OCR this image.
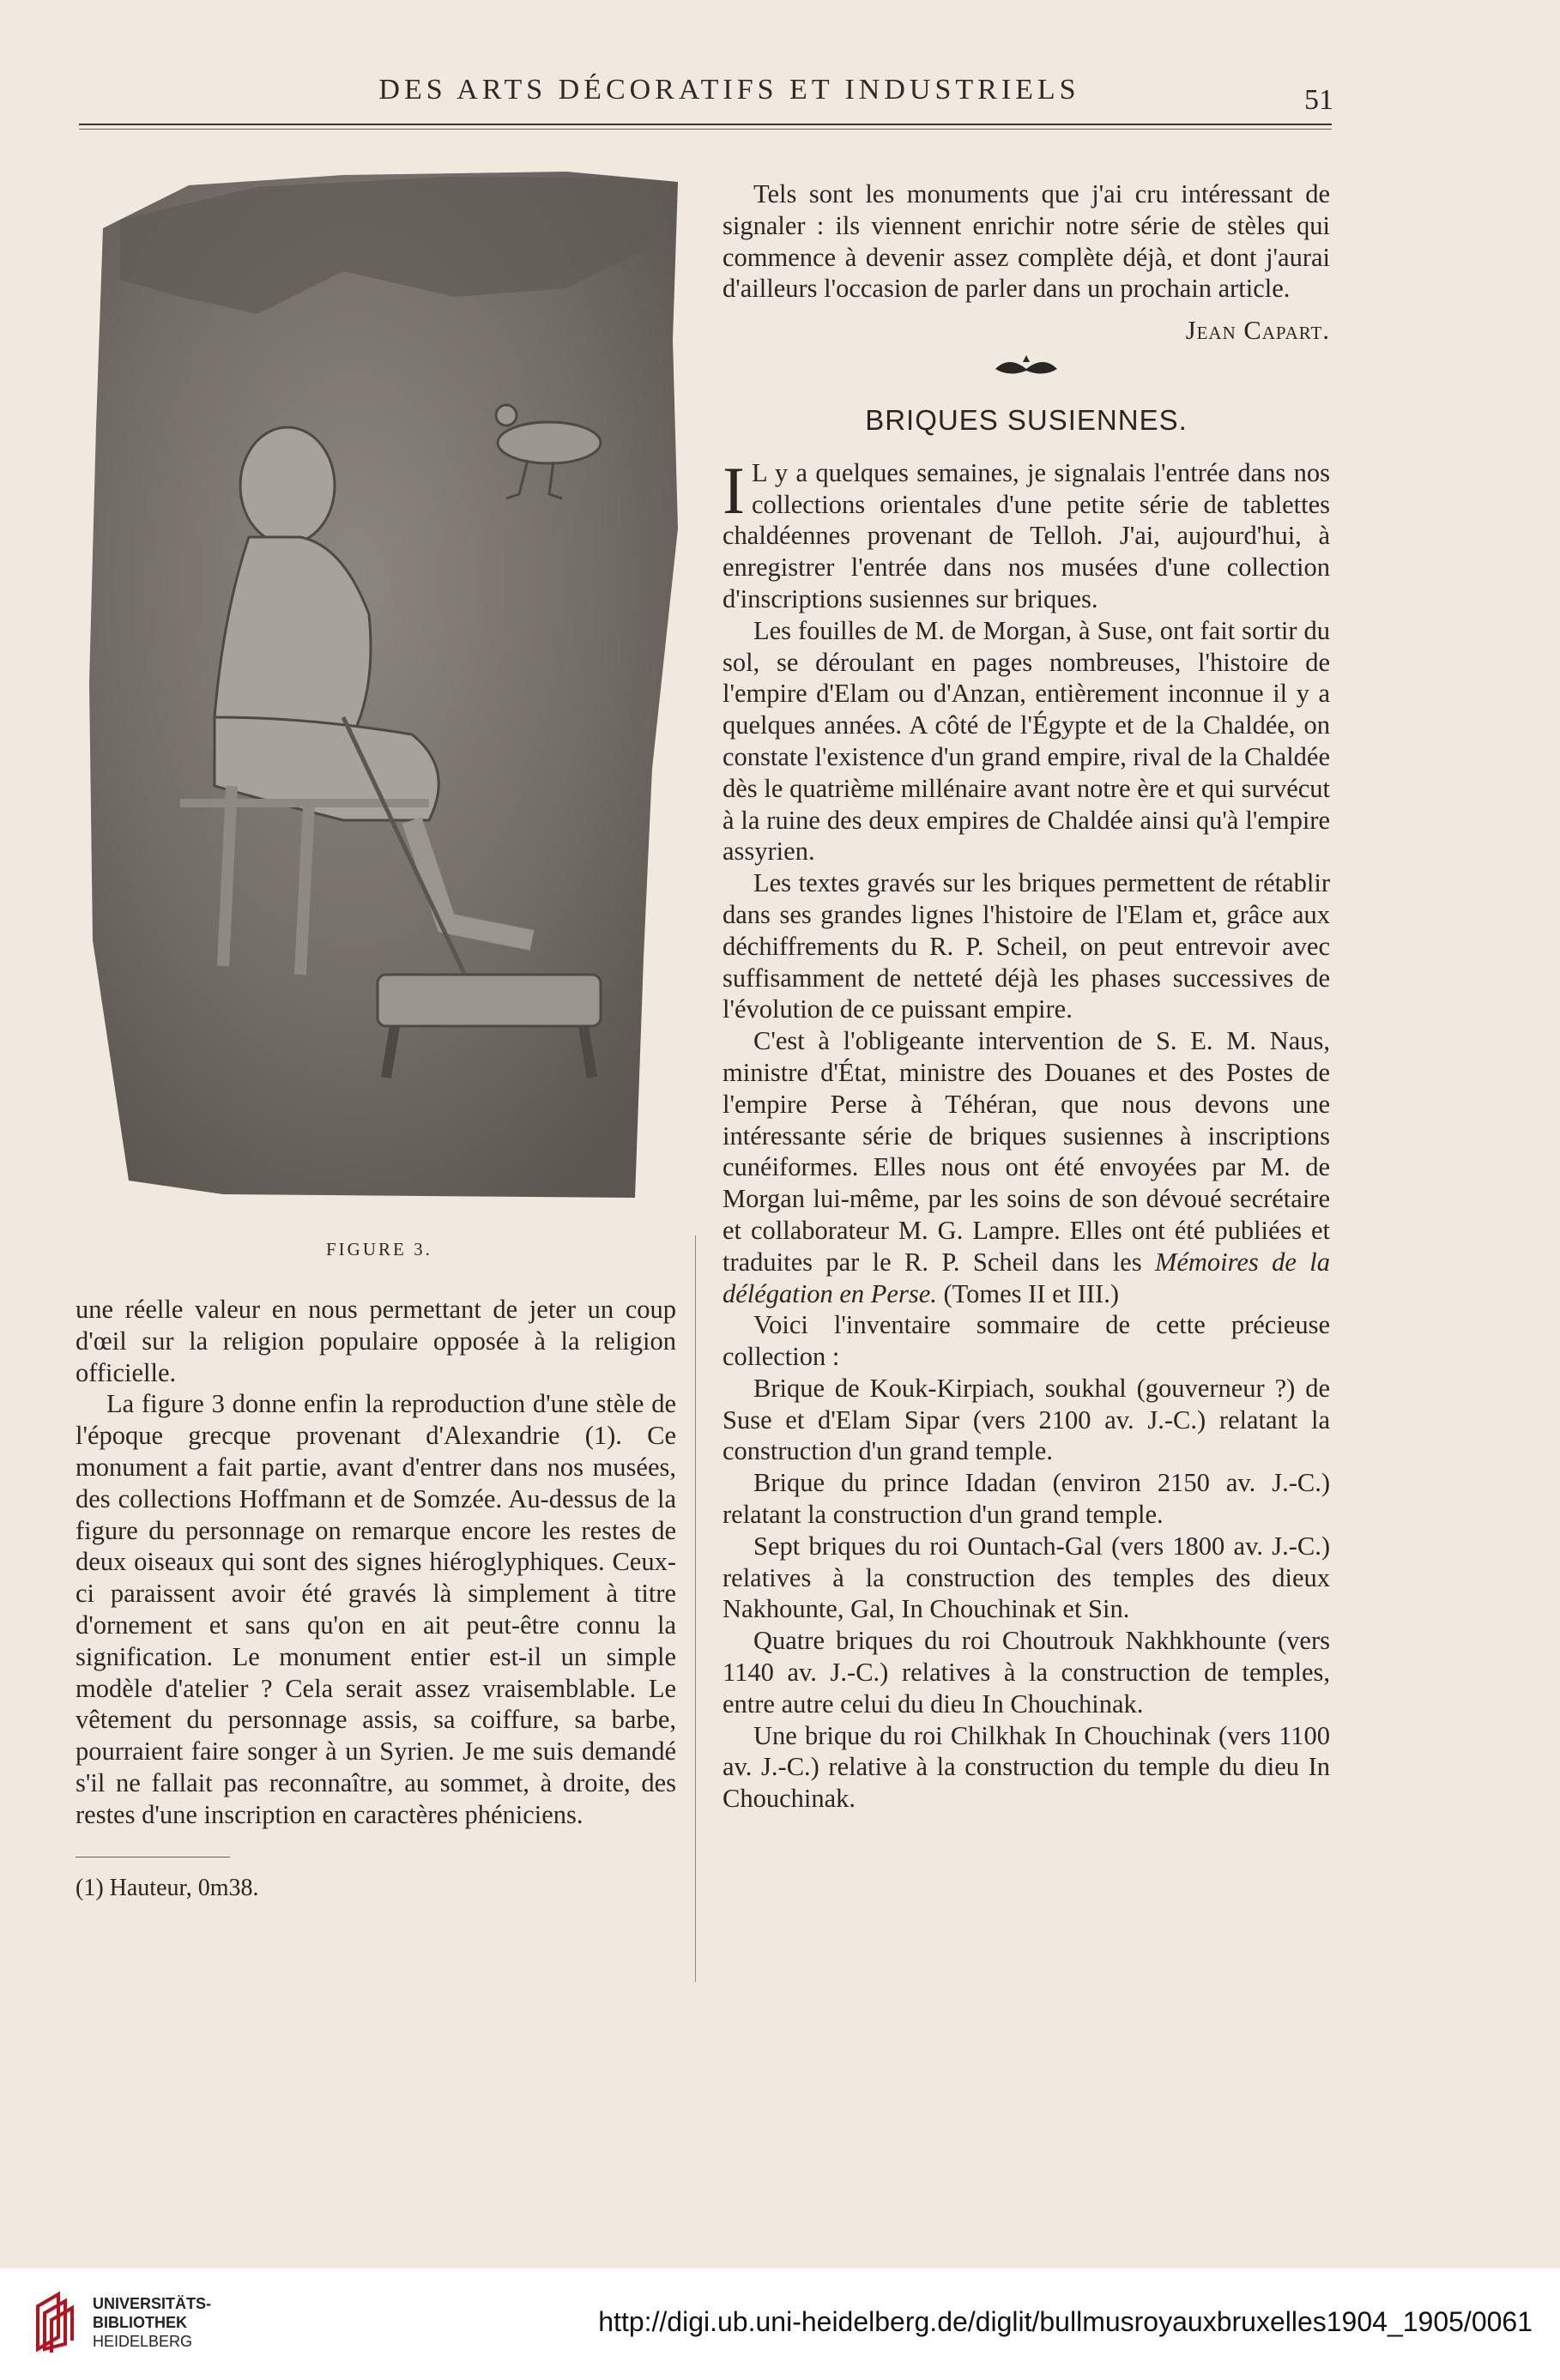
DES ARTS DÉCORATIFS ET INDUSTRIELS	51
FIGURE 3.

une réelle valeur en nous permettant de jeter un coup d'œil sur la religion populaire opposée à la religion officielle.

La figure 3 donne enfin la reproduction d'une stèle de l'époque grecque provenant d'Alexandrie (1). Ce monument a fait partie, avant d'entrer dans nos musées, des collections Hoffmann et de Somzée. Au-dessus de la figure du personnage on remarque encore les restes de deux oiseaux qui sont des signes hiéroglyphiques. Ceux-ci paraissent avoir été gravés là simplement à titre d'ornement et sans qu'on en ait peut-être connu la signification. Le monument entier est-il un simple modèle d'atelier ? Cela serait assez vraisemblable. Le vêtement du personnage assis, sa coiffure, sa barbe, pourraient faire songer à un Syrien. Je me suis demandé s'il ne fallait pas reconnaître, au sommet, à droite, des restes d'une inscription en caractères phéniciens.

(1) Hauteur, 0m38.

Tels sont les monuments que j'ai cru intéressant de signaler : ils viennent enrichir notre série de stèles qui commence à devenir assez complète déjà, et dont j'aurai d'ailleurs l'occasion de parler dans un prochain article.

Jean Capart.
BRIQUES SUSIENNES.

I L y a quelques semaines, je signalais l'entrée dans nos collections orientales d'une petite série de tablettes chaldéennes provenant de Telloh. J'ai, aujourd'hui, à enregistrer l'entrée dans nos musées d'une collection d'inscriptions susiennes sur briques.

Les fouilles de M. de Morgan, à Suse, ont fait sortir du sol, se déroulant en pages nombreuses, l'histoire de l'empire d'Elam ou d'Anzan, entièrement inconnue il y a quelques années. A côté de l'Égypte et de la Chaldée, on constate l'existence d'un grand empire, rival de la Chaldée dès le quatrième millénaire avant notre ère et qui survécut à la ruine des deux empires de Chaldée ainsi qu'à l'empire assyrien.

Les textes gravés sur les briques permettent de rétablir dans ses grandes lignes l'histoire de l'Elam et, grâce aux déchiffrements du R. P. Scheil, on peut entrevoir avec suffisamment de netteté déjà les phases successives de l'évolution de ce puissant empire.

C'est à l'obligeante intervention de S. E. M. Naus, ministre d'État, ministre des Douanes et des Postes de l'empire Perse à Téhéran, que nous devons une intéressante série de briques susiennes à inscriptions cunéiformes. Elles nous ont été envoyées par M. de Morgan lui-même, par les soins de son dévoué secrétaire et collaborateur M. G. Lampre. Elles ont été publiées et traduites par le R. P. Scheil dans les Mémoires de la délégation en Perse. (Tomes II et III.)

Voici l'inventaire sommaire de cette précieuse collection :

Brique de Kouk-Kirpiach, soukhal (gouverneur ?) de Suse et d'Elam Sipar (vers 2100 av. J.-C.) relatant la construction d'un grand temple.

Brique du prince Idadan (environ 2150 av. J.-C.) relatant la construction d'un grand temple.

Sept briques du roi Ountach-Gal (vers 1800 av. J.-C.) relatives à la construction des temples des dieux Nakhounte, Gal, In Chouchinak et Sin.

Quatre briques du roi Choutrouk Nakhkhounte (vers 1140 av. J.-C.) relatives à la construction de temples, entre autre celui du dieu In Chouchinak.

Une brique du roi Chilkhak In Chouchinak (vers 1100 av. J.-C.) relative à la construction du temple du dieu In Chouchinak.

UNIVERSITÄTS-
BIBLIOTHEK
HEIDELBERG
http://digi.ub.uni-heidelberg.de/diglit/bullmusroyauxbruxelles1904_1905/0061
